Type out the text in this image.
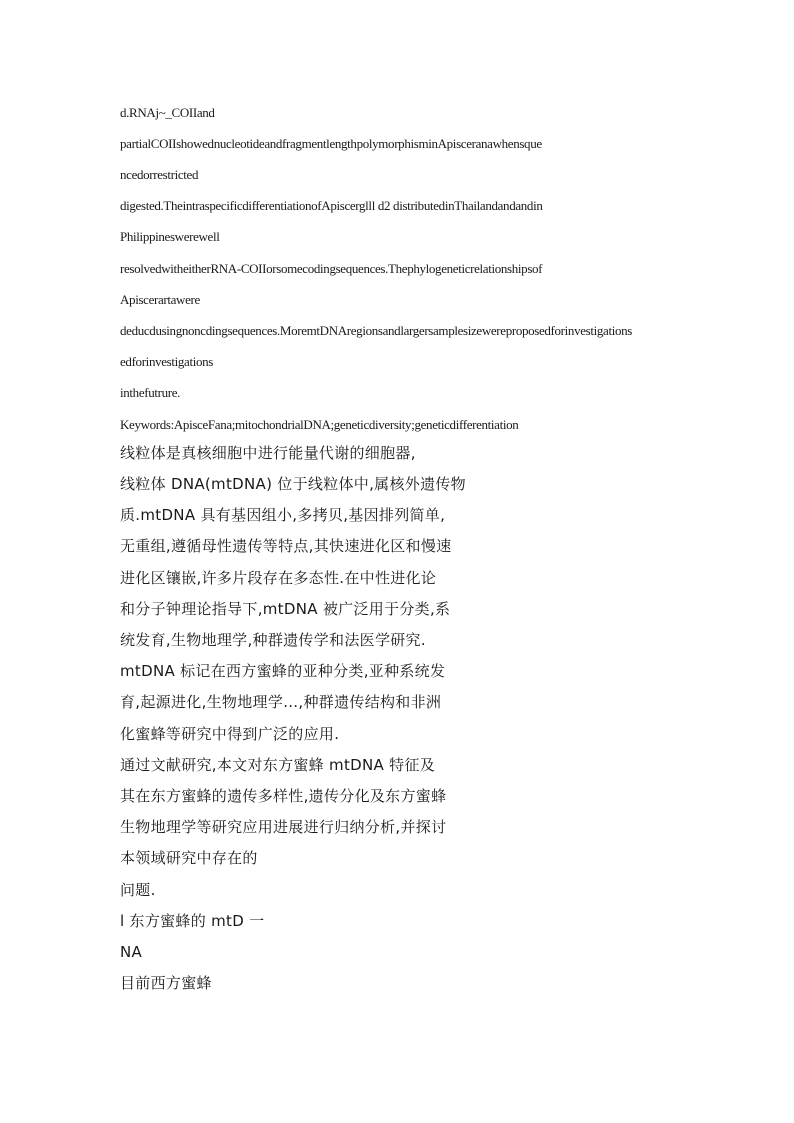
d.RNAj~_COIIand
partialCOIIshowednucleotideandfragmentlengthpolymorphisminApisceranawhensque
ncedorrestricted
digested.TheintraspecificdifferentiationofApiscerglll d2 distributedinThailandandandin
Philippineswerewell
resolvedwitheitherRNA-COIIorsomecodingsequences.Thephylogeneticrelationshipsof
Apiscerartawere
deducdusingnoncdingsequences.MoremtDNAregionsandlargersamplesizewereproposedforinvestigations
edforinvestigations
inthefutrure.
Keywords:ApisceFana;mitochondrialDNA;geneticdiversity;geneticdifferentiation
线粒体是真核细胞中进行能量代谢的细胞器,
线粒体 DNA(mtDNA) 位于线粒体中,属核外遗传物
质.mtDNA 具有基因组小,多拷贝,基因排列简单,
无重组,遵循母性遗传等特点,其快速进化区和慢速
进化区镶嵌,许多片段存在多态性.在中性进化论
和分子钟理论指导下,mtDNA 被广泛用于分类,系
统发育,生物地理学,种群遗传学和法医学研究.
mtDNA 标记在西方蜜蜂的亚种分类,亚种系统发
育,起源进化,生物地理学…,种群遗传结构和非洲
化蜜蜂等研究中得到广泛的应用.
通过文献研究,本文对东方蜜蜂 mtDNA 特征及
其在东方蜜蜂的遗传多样性,遗传分化及东方蜜蜂
生物地理学等研究应用进展进行归纳分析,并探讨
本领域研究中存在的
问题.
l 东方蜜蜂的 mtD 一
NA
目前西方蜜蜂
